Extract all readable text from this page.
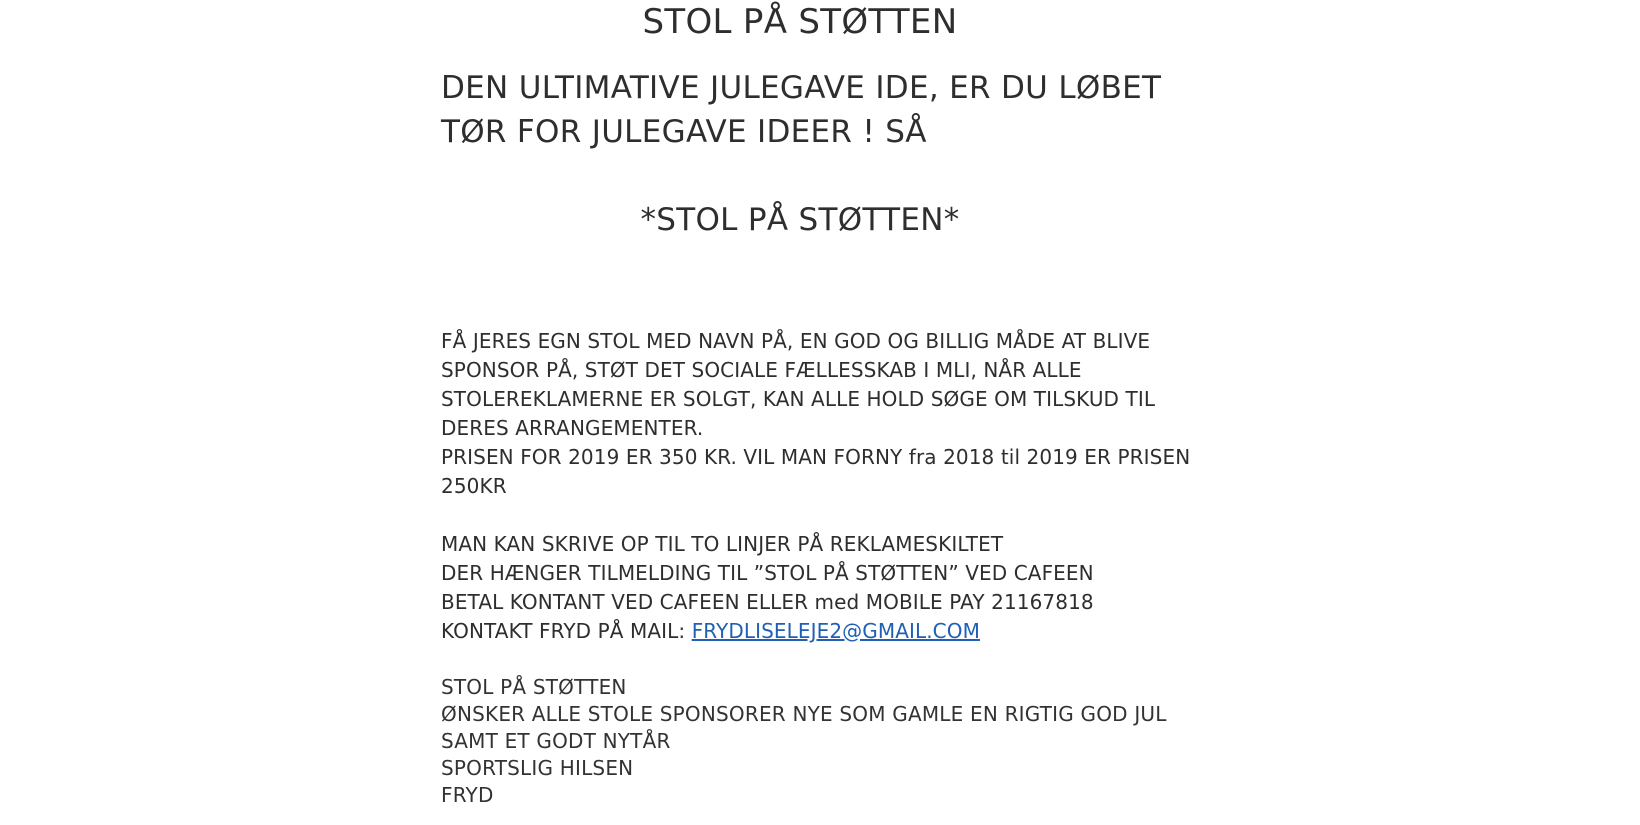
STOL PÅ STØTTEN
DEN ULTIMATIVE JULEGAVE IDE, ER DU LØBET
TØR FOR JULEGAVE IDEER ! SÅ
*STOL PÅ STØTTEN*
FÅ JERES EGN STOL MED NAVN PÅ, EN GOD OG BILLIG MÅDE AT BLIVE
SPONSOR PÅ, STØT DET SOCIALE FÆLLESSKAB I MLI, NÅR ALLE
STOLEREKLAMERNE ER SOLGT, KAN ALLE HOLD SØGE OM TILSKUD TIL
DERES ARRANGEMENTER.
PRISEN FOR 2019 ER 350 KR. VIL MAN FORNY fra 2018 til 2019 ER PRISEN
250KR
MAN KAN SKRIVE OP TIL TO LINJER PÅ REKLAMESKILTET
DER HÆNGER TILMELDING TIL ”STOL PÅ STØTTEN” VED CAFEEN
BETAL KONTANT VED CAFEEN ELLER med MOBILE PAY 21167818
KONTAKT FRYD PÅ MAIL: FRYDLISELEJE2@GMAIL.COM
STOL PÅ STØTTEN
ØNSKER ALLE STOLE SPONSORER NYE SOM GAMLE EN RIGTIG GOD JUL
SAMT ET GODT NYTÅR
SPORTSLIG HILSEN
FRYD
